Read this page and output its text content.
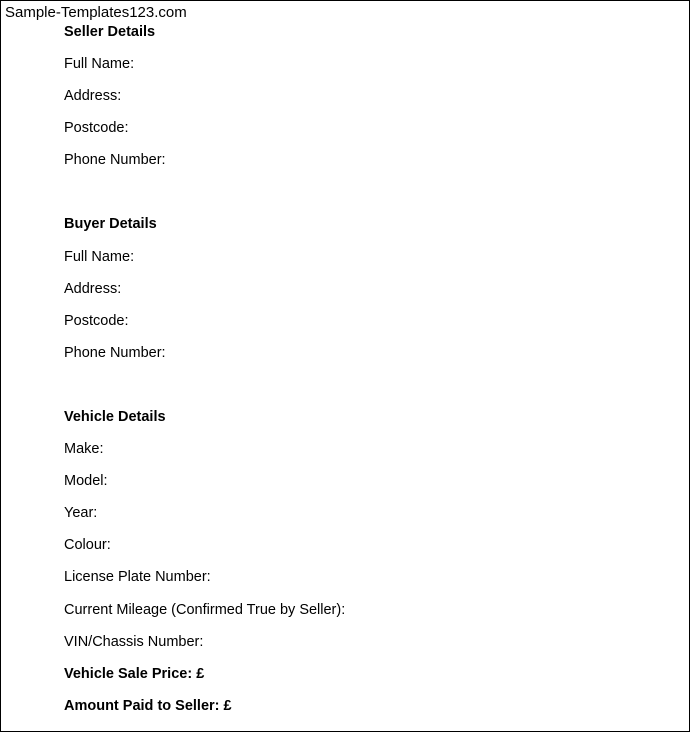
Sample-Templates123.com
Seller Details
Full Name:
Address:
Postcode:
Phone Number:
Buyer Details
Full Name:
Address:
Postcode:
Phone Number:
Vehicle Details
Make:
Model:
Year:
Colour:
License Plate Number:
Current Mileage (Confirmed True by Seller):
VIN/Chassis Number:
Vehicle Sale Price: £
Amount Paid to Seller: £
